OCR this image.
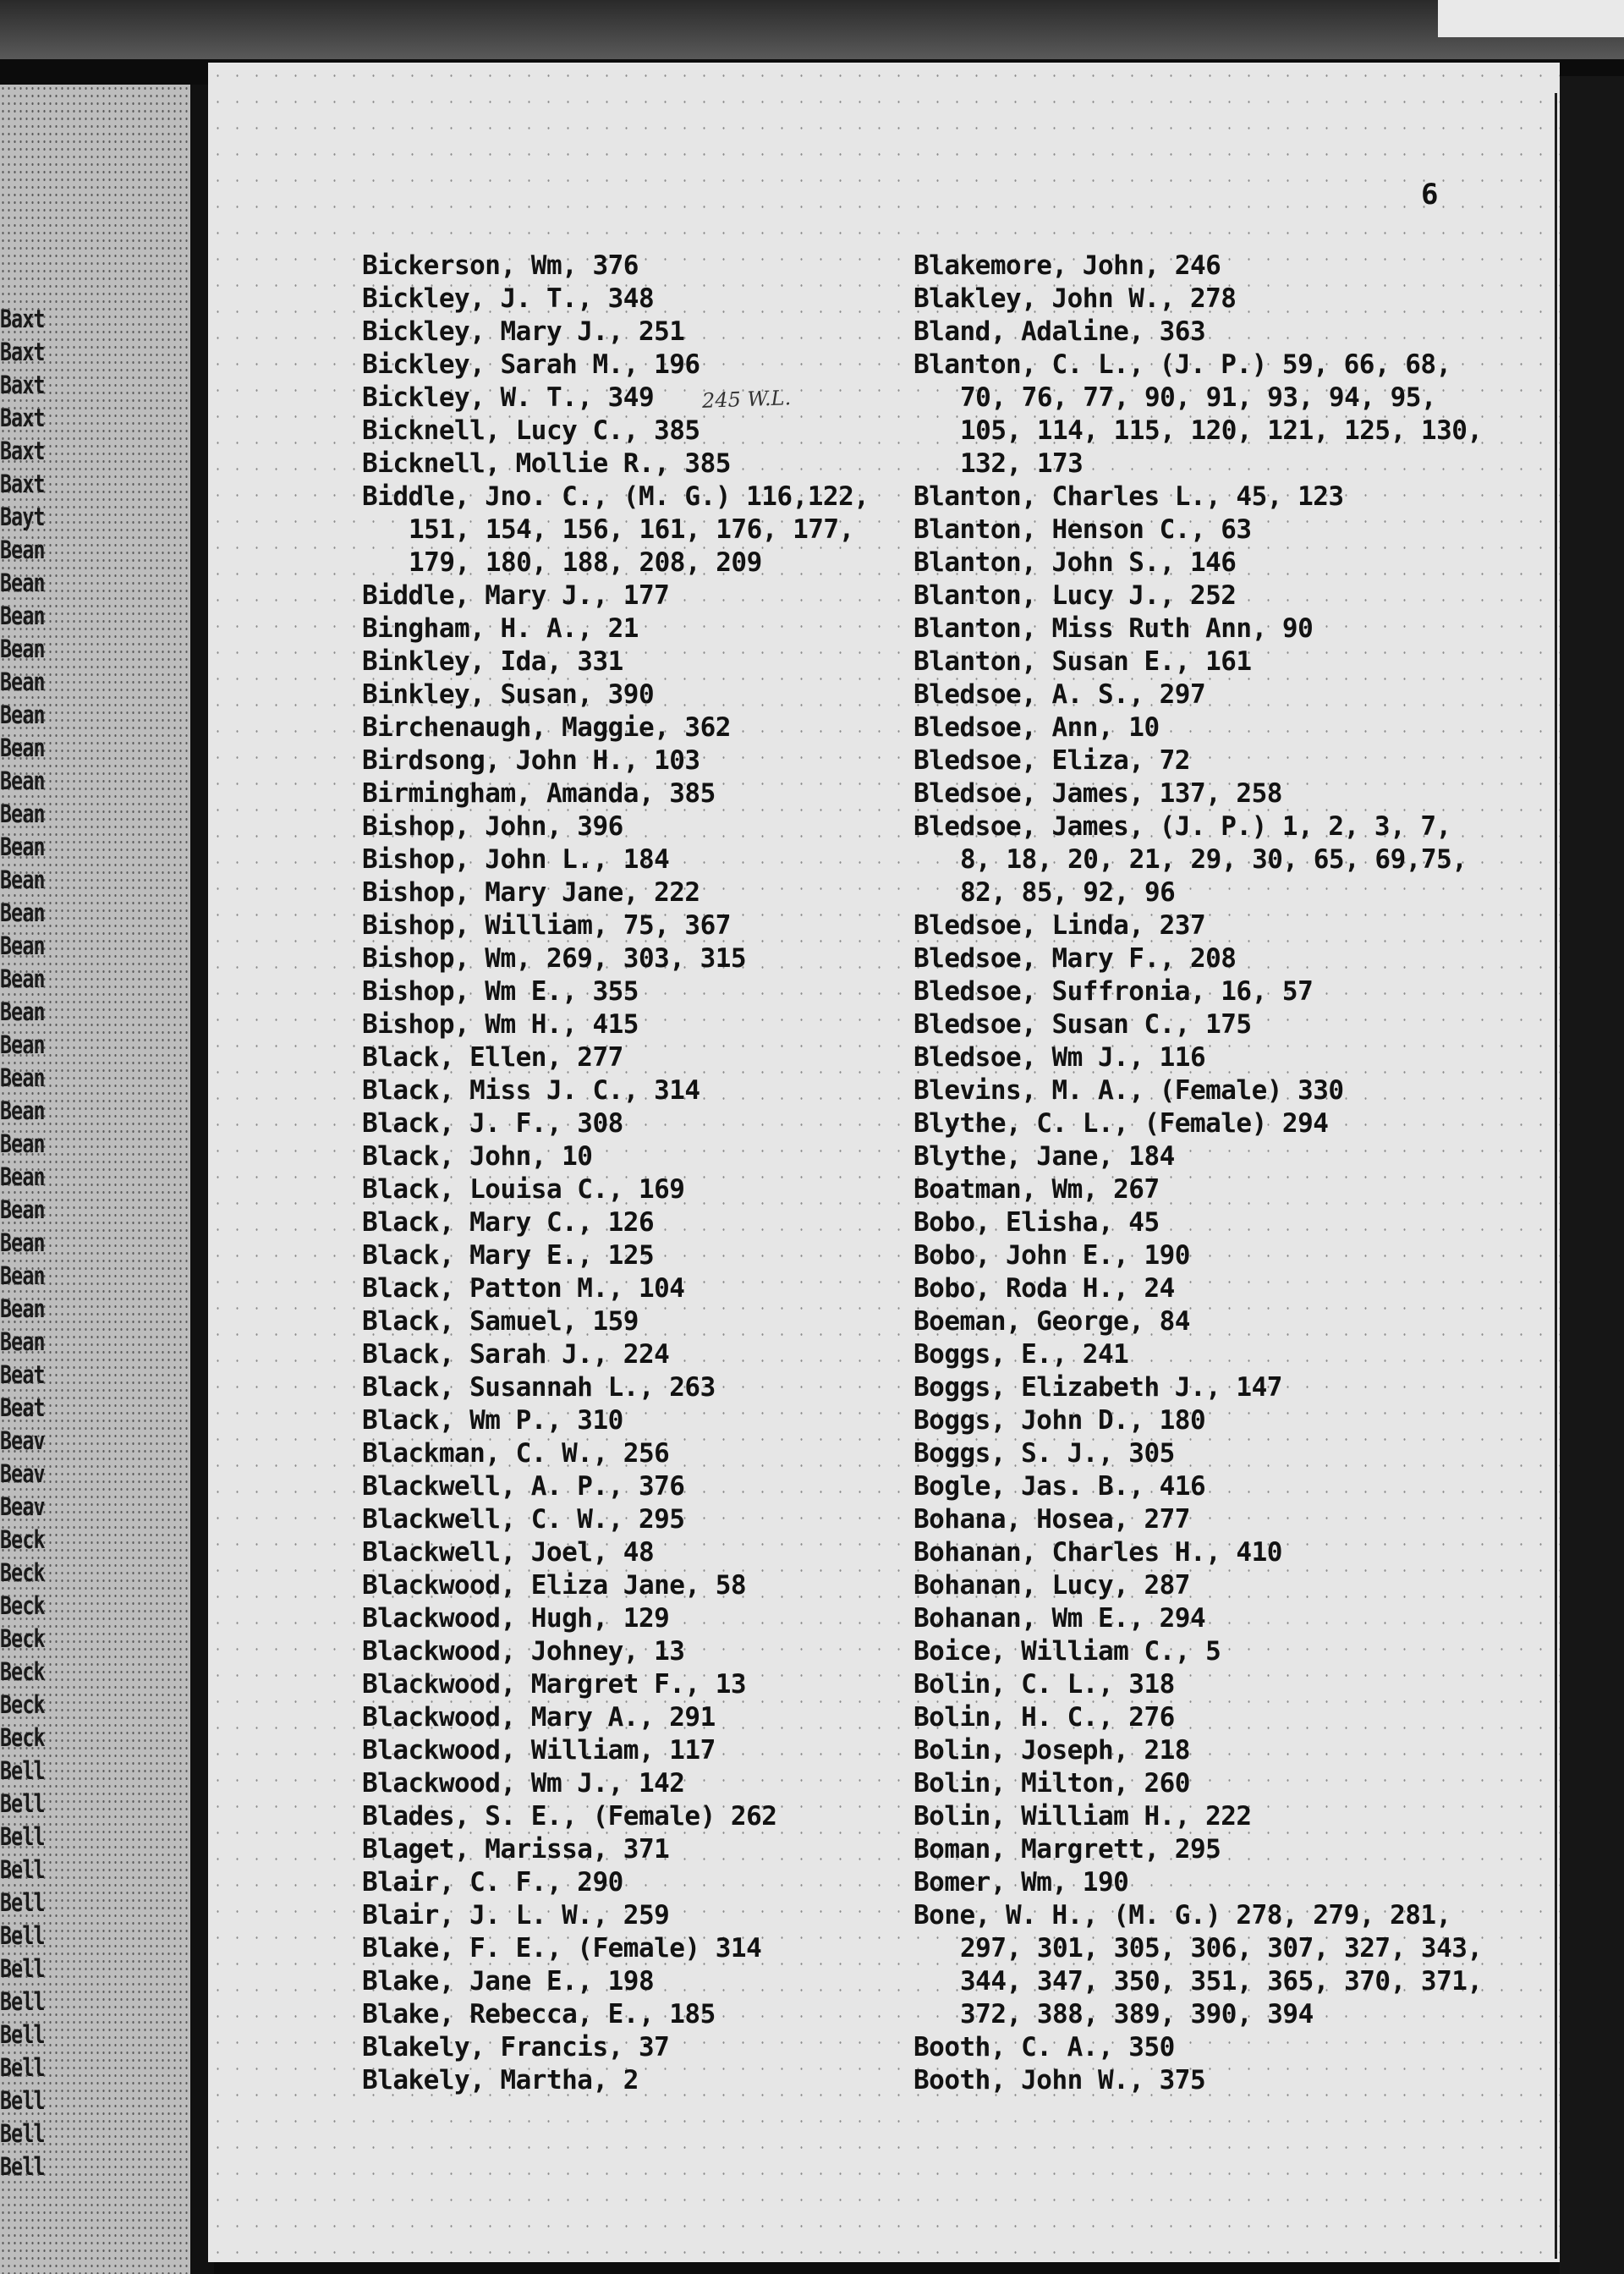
Baxt
Baxt
Baxt
Baxt
Baxt
Baxt
Bayt
Bean
Bean
Bean
Bean
Bean
Bean
Bean
Bean
Bean
Bean
Bean
Bean
Bean
Bean
Bean
Bean
Bean
Bean
Bean
Bean
Bean
Bean
Bean
Bean
Bean
Beat
Beat
Beav
Beav
Beav
Beck
Beck
Beck
Beck
Beck
Beck
Beck
Bell
Bell
Bell
Bell
Bell
Bell
Bell
Bell
Bell
Bell
Bell
Bell
Bell
6
245 W.L.
Bickerson, Wm, 376
Bickley, J. T., 348
Bickley, Mary J., 251
Bickley, Sarah M., 196
Bickley, W. T., 349
Bicknell, Lucy C., 385
Bicknell, Mollie R., 385
Biddle, Jno. C., (M. G.) 116,122,
151, 154, 156, 161, 176, 177,
179, 180, 188, 208, 209
Biddle, Mary J., 177
Bingham, H. A., 21
Binkley, Ida, 331
Binkley, Susan, 390
Birchenaugh, Maggie, 362
Birdsong, John H., 103
Birmingham, Amanda, 385
Bishop, John, 396
Bishop, John L., 184
Bishop, Mary Jane, 222
Bishop, William, 75, 367
Bishop, Wm, 269, 303, 315
Bishop, Wm E., 355
Bishop, Wm H., 415
Black, Ellen, 277
Black, Miss J. C., 314
Black, J. F., 308
Black, John, 10
Black, Louisa C., 169
Black, Mary C., 126
Black, Mary E., 125
Black, Patton M., 104
Black, Samuel, 159
Black, Sarah J., 224
Black, Susannah L., 263
Black, Wm P., 310
Blackman, C. W., 256
Blackwell, A. P., 376
Blackwell, C. W., 295
Blackwell, Joel, 48
Blackwood, Eliza Jane, 58
Blackwood, Hugh, 129
Blackwood, Johney, 13
Blackwood, Margret F., 13
Blackwood, Mary A., 291
Blackwood, William, 117
Blackwood, Wm J., 142
Blades, S. E., (Female) 262
Blaget, Marissa, 371
Blair, C. F., 290
Blair, J. L. W., 259
Blake, F. E., (Female) 314
Blake, Jane E., 198
Blake, Rebecca, E., 185
Blakely, Francis, 37
Blakely, Martha, 2
Blakemore, John, 246
Blakley, John W., 278
Bland, Adaline, 363
Blanton, C. L., (J. P.) 59, 66, 68,
70, 76, 77, 90, 91, 93, 94, 95,
105, 114, 115, 120, 121, 125, 130,
132, 173
Blanton, Charles L., 45, 123
Blanton, Henson C., 63
Blanton, John S., 146
Blanton, Lucy J., 252
Blanton, Miss Ruth Ann, 90
Blanton, Susan E., 161
Bledsoe, A. S., 297
Bledsoe, Ann, 10
Bledsoe, Eliza, 72
Bledsoe, James, 137, 258
Bledsoe, James, (J. P.) 1, 2, 3, 7,
8, 18, 20, 21, 29, 30, 65, 69,75,
82, 85, 92, 96
Bledsoe, Linda, 237
Bledsoe, Mary F., 208
Bledsoe, Suffronia, 16, 57
Bledsoe, Susan C., 175
Bledsoe, Wm J., 116
Blevins, M. A., (Female) 330
Blythe, C. L., (Female) 294
Blythe, Jane, 184
Boatman, Wm, 267
Bobo, Elisha, 45
Bobo, John E., 190
Bobo, Roda H., 24
Boeman, George, 84
Boggs, E., 241
Boggs, Elizabeth J., 147
Boggs, John D., 180
Boggs, S. J., 305
Bogle, Jas. B., 416
Bohana, Hosea, 277
Bohanan, Charles H., 410
Bohanan, Lucy, 287
Bohanan, Wm E., 294
Boice, William C., 5
Bolin, C. L., 318
Bolin, H. C., 276
Bolin, Joseph, 218
Bolin, Milton, 260
Bolin, William H., 222
Boman, Margrett, 295
Bomer, Wm, 190
Bone, W. H., (M. G.) 278, 279, 281,
297, 301, 305, 306, 307, 327, 343,
344, 347, 350, 351, 365, 370, 371,
372, 388, 389, 390, 394
Booth, C. A., 350
Booth, John W., 375
